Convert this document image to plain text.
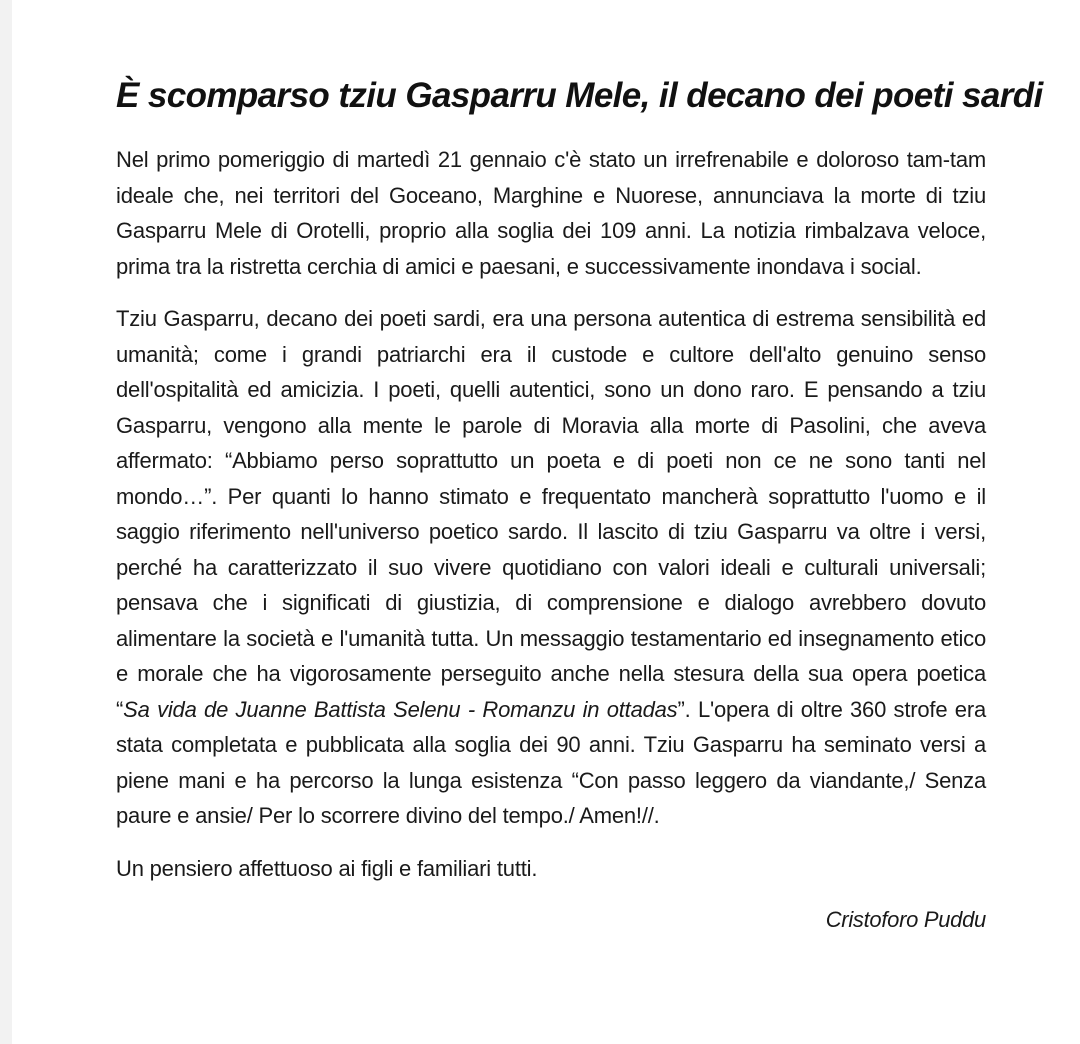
È scomparso tziu Gasparru Mele, il decano dei poeti sardi

Nel primo pomeriggio di martedì 21 gennaio c'è stato un irrefrenabile e doloroso tam-tam ideale che, nei territori del Goceano, Marghine e Nuorese, annunciava la morte di tziu Gasparru Mele di Orotelli, proprio alla soglia dei 109 anni. La notizia rimbalzava veloce, prima tra la ristretta cerchia di amici e paesani, e successivamente inondava i social.

Tziu Gasparru, decano dei poeti sardi, era una persona autentica di estrema sensibilità ed umanità; come i grandi patriarchi era il custode e cultore dell'alto genuino senso dell'ospitalità ed amicizia. I poeti, quelli autentici, sono un dono raro. E pensando a tziu Gasparru, vengono alla mente le parole di Moravia alla morte di Pasolini, che aveva affermato: “Abbiamo perso soprattutto un poeta e di poeti non ce ne sono tanti nel mondo…”. Per quanti lo hanno stimato e frequentato mancherà soprattutto l'uomo e il saggio riferimento nell'universo poetico sardo. Il lascito di tziu Gasparru va oltre i versi, perché ha caratterizzato il suo vivere quotidiano con valori ideali e culturali universali; pensava che i significati di giustizia, di comprensione e dialogo avrebbero dovuto alimentare la società e l'umanità tutta. Un messaggio testamentario ed insegnamento etico e morale che ha vigorosamente perseguito anche nella stesura della sua opera poetica “Sa vida de Juanne Battista Selenu - Romanzu in ottadas”. L'opera di oltre 360 strofe era stata completata e pubblicata alla soglia dei 90 anni. Tziu Gasparru ha seminato versi a piene mani e ha percorso la lunga esistenza “Con passo leggero da viandante,/ Senza paure e ansie/ Per lo scorrere divino del tempo./ Amen!//.

Un pensiero affettuoso ai figli e familiari tutti.

Cristoforo Puddu
